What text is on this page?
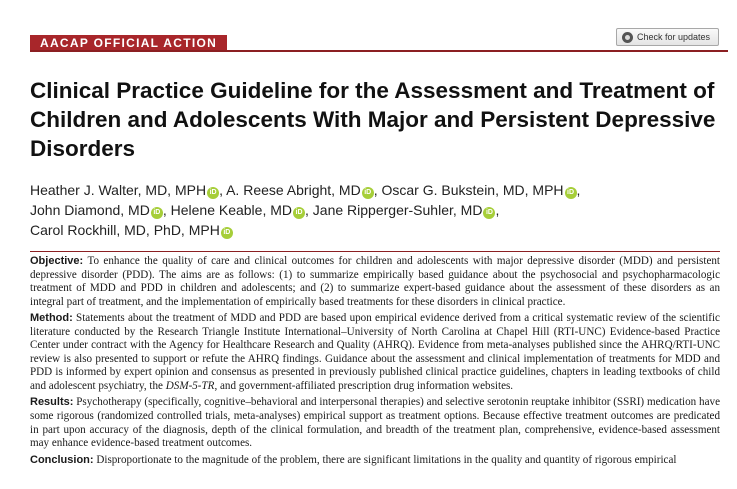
AACAP OFFICIAL ACTION	Check for updates
Clinical Practice Guideline for the Assessment and Treatment of Children and Adolescents With Major and Persistent Depressive Disorders
Heather J. Walter, MD, MPH iD , A. Reese Abright, MD iD , Oscar G. Bukstein, MD, MPH iD ,
John Diamond, MD iD , Helene Keable, MD iD , Jane Ripperger-Suhler, MD iD ,
Carol Rockhill, MD, PhD, MPH iD

Objective: To enhance the quality of care and clinical outcomes for children and adolescents with major depressive disorder (MDD) and persistent depressive disorder (PDD). The aims are as follows: (1) to summarize empirically based guidance about the psychosocial and psychopharmacologic treatment of MDD and PDD in children and adolescents; and (2) to summarize expert-based guidance about the assessment of these disorders as an integral part of treatment, and the implementation of empirically based treatments for these disorders in clinical practice.

Method: Statements about the treatment of MDD and PDD are based upon empirical evidence derived from a critical systematic review of the scientific literature conducted by the Research Triangle Institute International–University of North Carolina at Chapel Hill (RTI-UNC) Evidence-based Practice Center under contract with the Agency for Healthcare Research and Quality (AHRQ). Evidence from meta-analyses published since the AHRQ/RTI-UNC review is also presented to support or refute the AHRQ findings. Guidance about the assessment and clinical implementation of treatments for MDD and PDD is informed by expert opinion and consensus as presented in previously published clinical practice guidelines, chapters in leading textbooks of child and adolescent psychiatry, the DSM-5-TR, and government-affiliated prescription drug information websites.

Results: Psychotherapy (specifically, cognitive–behavioral and interpersonal therapies) and selective serotonin reuptake inhibitor (SSRI) medication have some rigorous (randomized controlled trials, meta-analyses) empirical support as treatment options. Because effective treatment outcomes are predicated in part upon accuracy of the diagnosis, depth of the clinical formulation, and breadth of the treatment plan, comprehensive, evidence-based assessment may enhance evidence-based treatment outcomes.

Conclusion: Disproportionate to the magnitude of the problem, there are significant limitations in the quality and quantity of rigorous empirical
